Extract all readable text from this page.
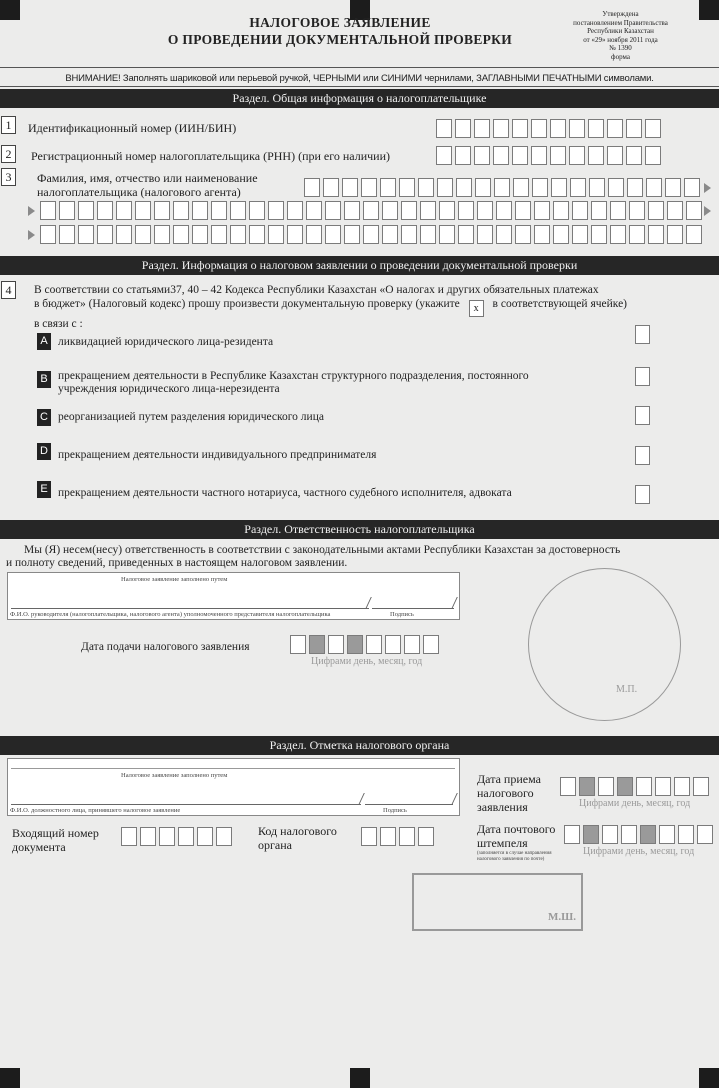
НАЛОГОВОЕ ЗАЯВЛЕНИЕ
О ПРОВЕДЕНИИ ДОКУМЕНТАЛЬНОЙ ПРОВЕРКИ
Утверждена
постановлением Правительства
Республики Казахстан
от «29» ноября 2011 года
№ 1390
форма
ВНИМАНИЕ! Заполнять шариковой или перьевой ручкой, ЧЕРНЫМИ или СИНИМИ чернилами, ЗАГЛАВНЫМИ ПЕЧАТНЫМИ символами.
Раздел. Общая информация о налогоплательщике
1	Идентификационный номер (ИИН/БИН)
2	Регистрационный номер налогоплательщика (РНН) (при его наличии)
3	Фамилия, имя, отчество или наименование
налогоплательщика (налогового агента)
Раздел. Информация о налоговом заявлении о проведении документальной проверки
4	В соответствии со статьями37, 40 – 42 Кодекса Республики Казахстан «О налогах и других обязательных платежах
в бюджет» (Налоговый кодекс) прошу произвести документальную проверку (укажите x в соответствующей ячейке)
в связи с :
A ликвидацией юридического лица-резидента
B прекращением деятельности в Республике Казахстан структурного подразделения, постоянного
учреждения юридического лица-нерезидента
C реорганизацией путем разделения юридического лица
D прекращением деятельности индивидуального предпринимателя
E прекращением деятельности частного нотариуса, частного судебного исполнителя, адвоката
Раздел. Ответственность налогоплательщика
Мы (Я) несем(несу) ответственность в соответствии с законодательными актами Республики Казахстан за достоверность
и полноту сведений, приведенных в настоящем налоговом заявлении.
Налоговое заявление заполнено путем
Ф.И.О. руководителя (налогоплательщика, налогового агента) уполномоченного представителя налогоплательщика	Подпись
Дата подачи налогового заявления
Цифрами день, месяц, год
М.П.
Раздел. Отметка налогового органа
Налоговое заявление заполнено путем
Ф.И.О. должностного лица, принявшего налоговое заявление	Подпись
Дата приема
налогового
заявления	Цифрами день, месяц, год
Входящий номер
документа
Код налогового
органа
Дата почтового
штемпеля
(заполняется в случае направления налогового заявления по почте)
Цифрами день, месяц, год
М.Ш.
